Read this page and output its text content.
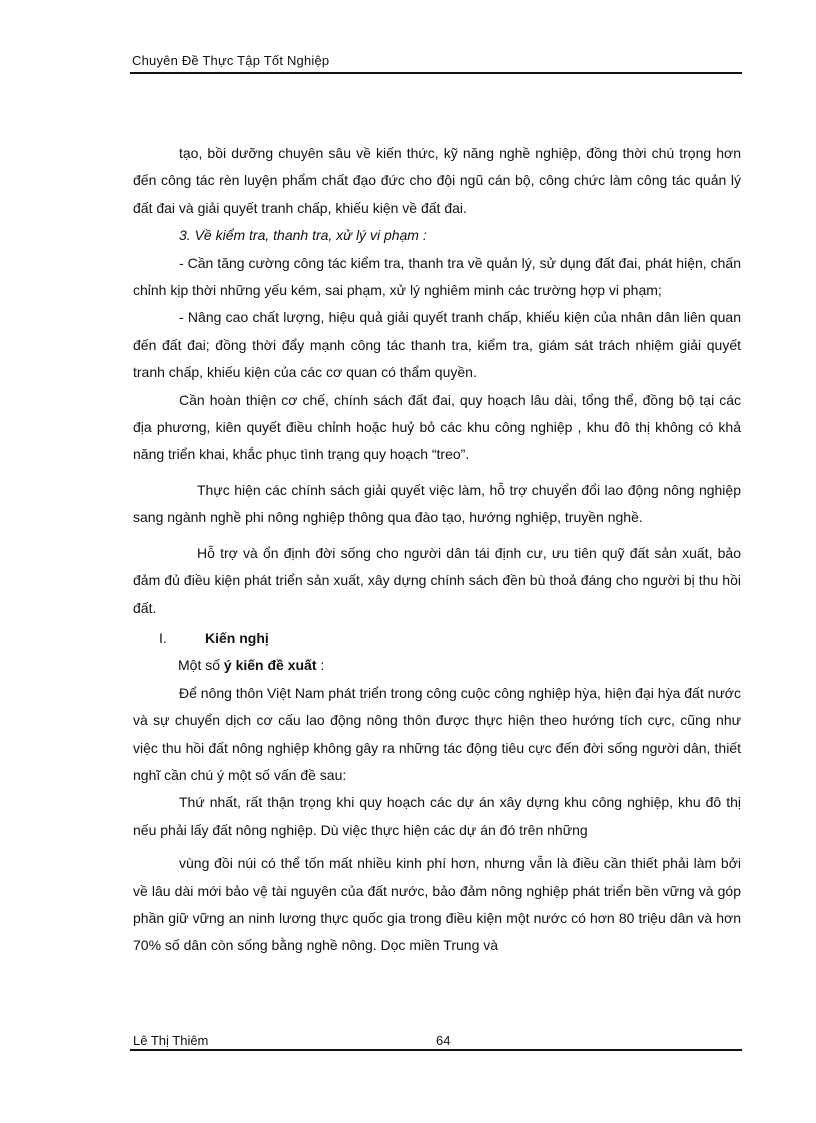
Chuyên Đề Thực Tập Tốt Nghiệp

tạo, bồi dưỡng chuyên sâu về kiến thức, kỹ năng nghề nghiệp, đồng thời chú trọng hơn đến công tác rèn luyện phẩm chất đạo đức cho đội ngũ cán bộ, công chức làm công tác quản lý đất đai và giải quyết tranh chấp, khiếu kiện về đất đai.

3. Về kiểm tra, thanh tra, xử lý vi phạm :

- Cần tăng cường công tác kiểm tra, thanh tra về quản lý, sử dụng đất đai, phát hiện, chấn chỉnh kịp thời những yếu kém, sai phạm, xử lý nghiêm minh các trường hợp vi phạm;

- Nâng cao chất lượng, hiệu quả giải quyết tranh chấp, khiếu kiện của nhân dân liên quan đến đất đai; đồng thời đẩy mạnh công tác thanh tra, kiểm tra, giám sát trách nhiệm giải quyết tranh chấp, khiếu kiện của các cơ quan có thẩm quyền.

Cần hoàn thiện cơ chế, chính sách đất đai, quy hoạch lâu dài, tổng thể, đồng bộ tại các địa phương, kiên quyết điều chỉnh hoặc huỷ bỏ các khu công nghiệp , khu đô thị không có khả năng triển khai, khắc phục tình trạng quy hoạch “treo”.

Thực hiện các chính sách giải quyết việc làm, hỗ trợ chuyển đổi lao động nông nghiệp sang ngành nghề phi nông nghiệp thông qua đào tạo, hướng nghiệp, truyền nghề.

Hỗ trợ và ổn định đời sống cho người dân tái định cư, ưu tiên quỹ đất sản xuất, bảo đảm đủ điều kiện phát triển sản xuất, xây dựng chính sách đền bù thoả đáng cho người bị thu hồi đất.

I.	Kiến nghị

Một số ý kiến đề xuất :

Để nông thôn Việt Nam phát triển trong công cuộc công nghiệp hỳa, hiện đại hỳa đất nước và sự chuyển dịch cơ cấu lao động nông thôn được thực hiện theo hướng tích cực, cũng như việc thu hồi đất nông nghiệp không gây ra những tác động tiêu cực đến đời sống người dân, thiết nghĩ cần chú ý một số vấn đề sau:

Thứ nhất, rất thận trọng khi quy hoạch các dự án xây dựng khu công nghiệp, khu đô thị nếu phải lấy đất nông nghiệp. Dù việc thực hiện các dự án đó trên những

vùng đồi núi có thể tốn mất nhiều kinh phí hơn, nhưng vẫn là điều cần thiết phải làm bởi về lâu dài mới bảo vệ tài nguyên của đất nước, bảo đảm nông nghiệp phát triển bền vững và góp phần giữ vững an ninh lương thực quốc gia trong điều kiện một nước có hơn 80 triệu dân và hơn 70% số dân còn sống bằng nghề nông. Dọc miền Trung và

Lê Thị Thiêm	64
